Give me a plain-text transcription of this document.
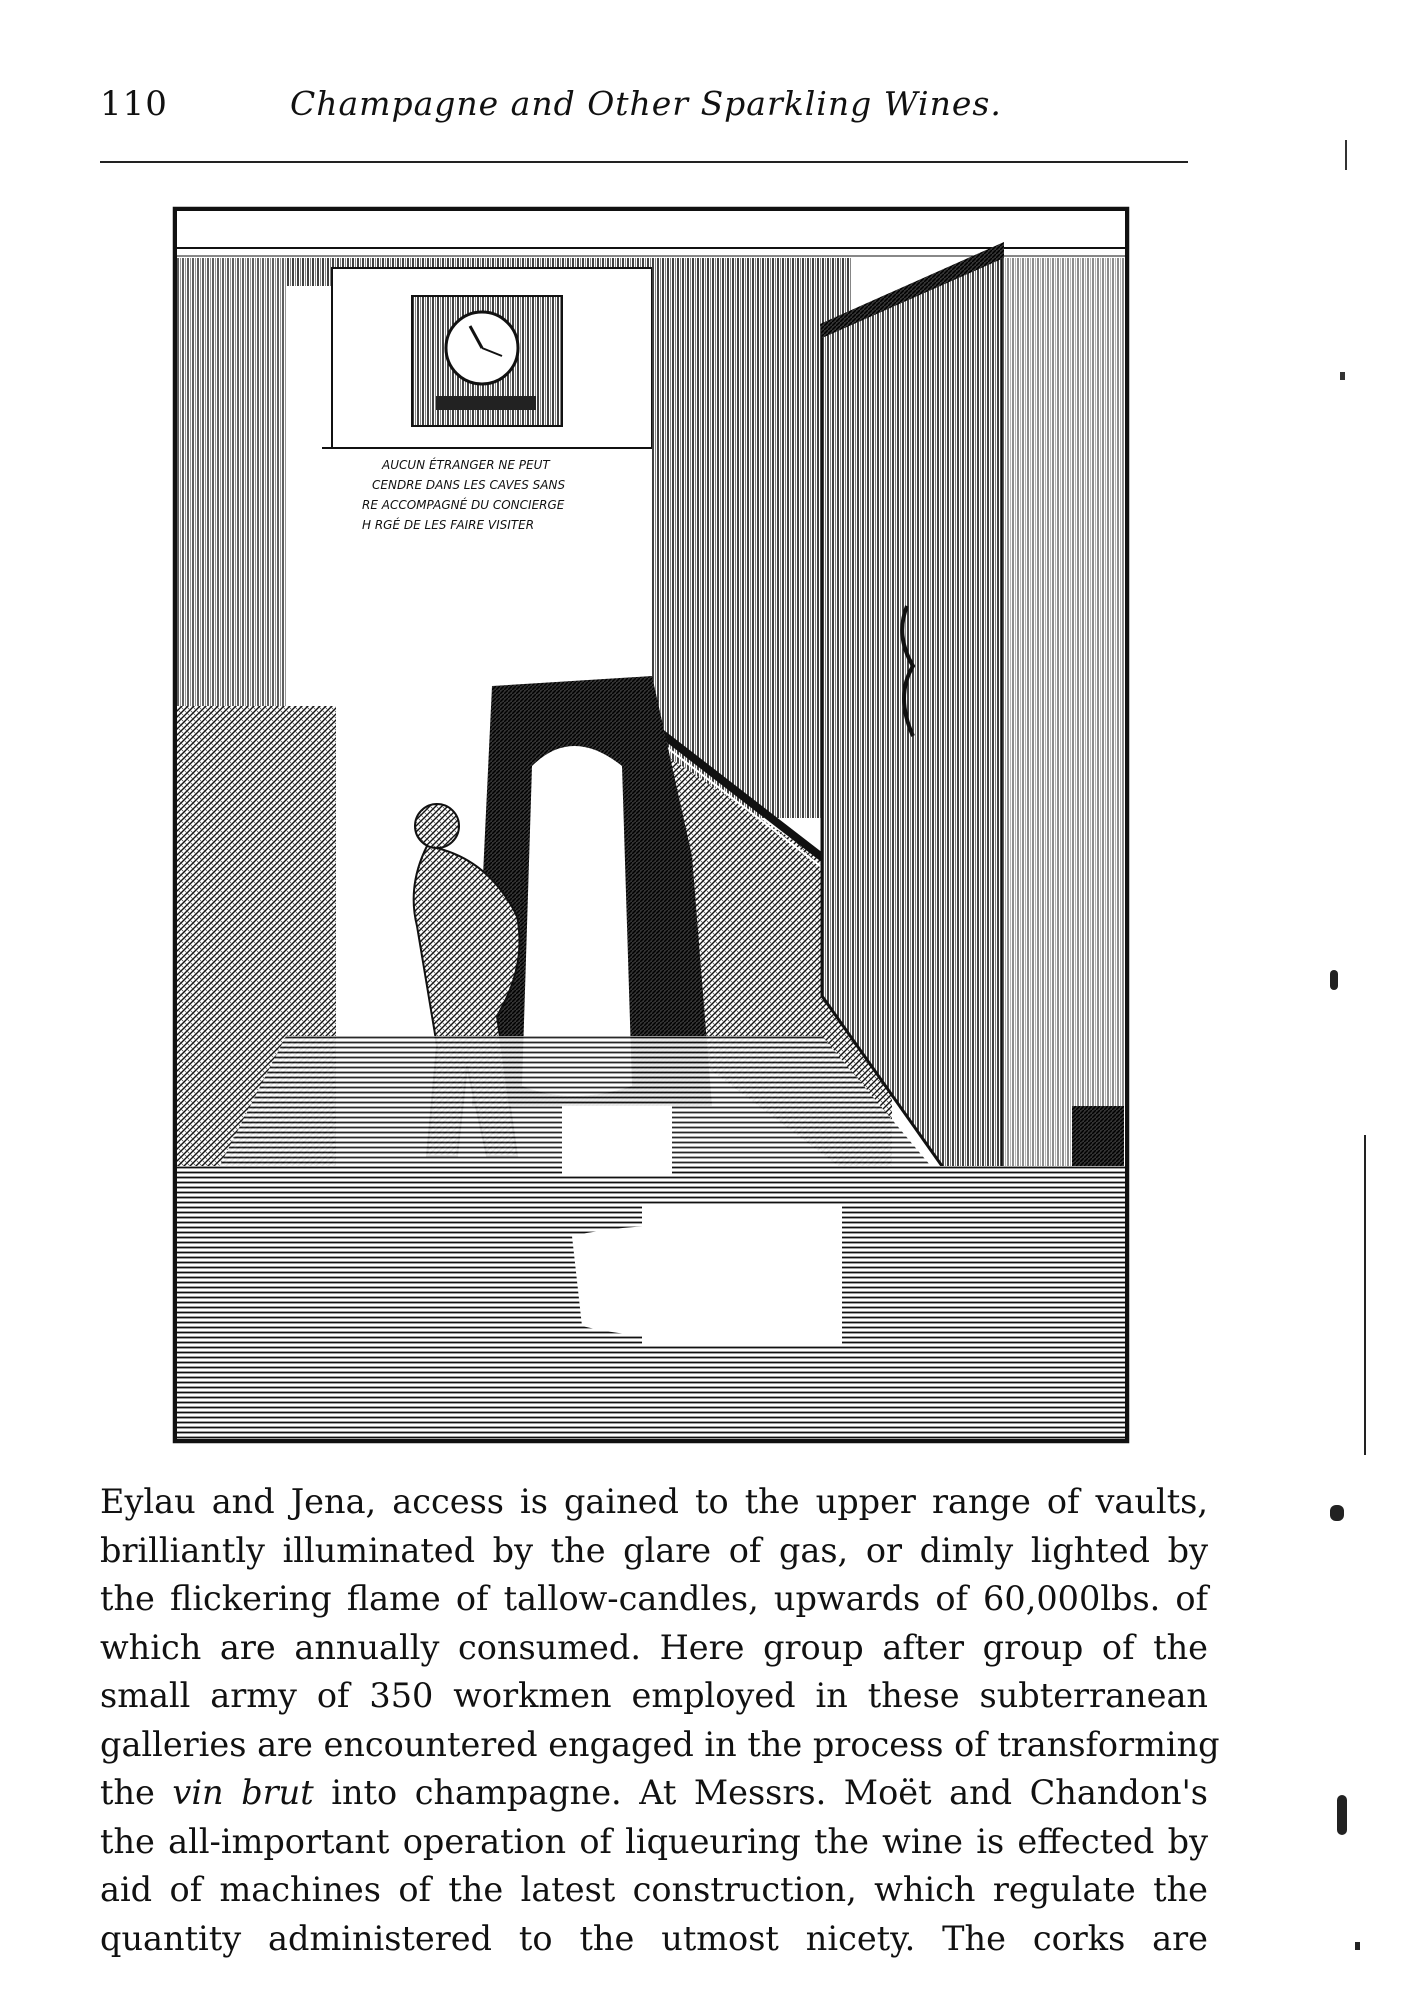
110	Champagne and Other Sparkling Wines.
AUCUN ÉTRANGER NE PEUT
CENDRE DANS LES CAVES SANS
RE ACCOMPAGNÉ DU CONCIERGE
H RGÉ DE LES FAIRE VISITER
Eylau and Jena, access is gained to the upper range of vaults,
brilliantly illuminated by the glare of gas, or dimly lighted by
the flickering flame of tallow-candles, upwards of 60,000lbs. of
which are annually consumed. Here group after group of the
small army of 350 workmen employed in these subterranean
galleries are encountered engaged in the process of transforming
the vin brut into champagne. At Messrs. Moët and Chandon's
the all-important operation of liqueuring the wine is effected by
aid of machines of the latest construction, which regulate the
quantity administered to the utmost nicety. The corks are
